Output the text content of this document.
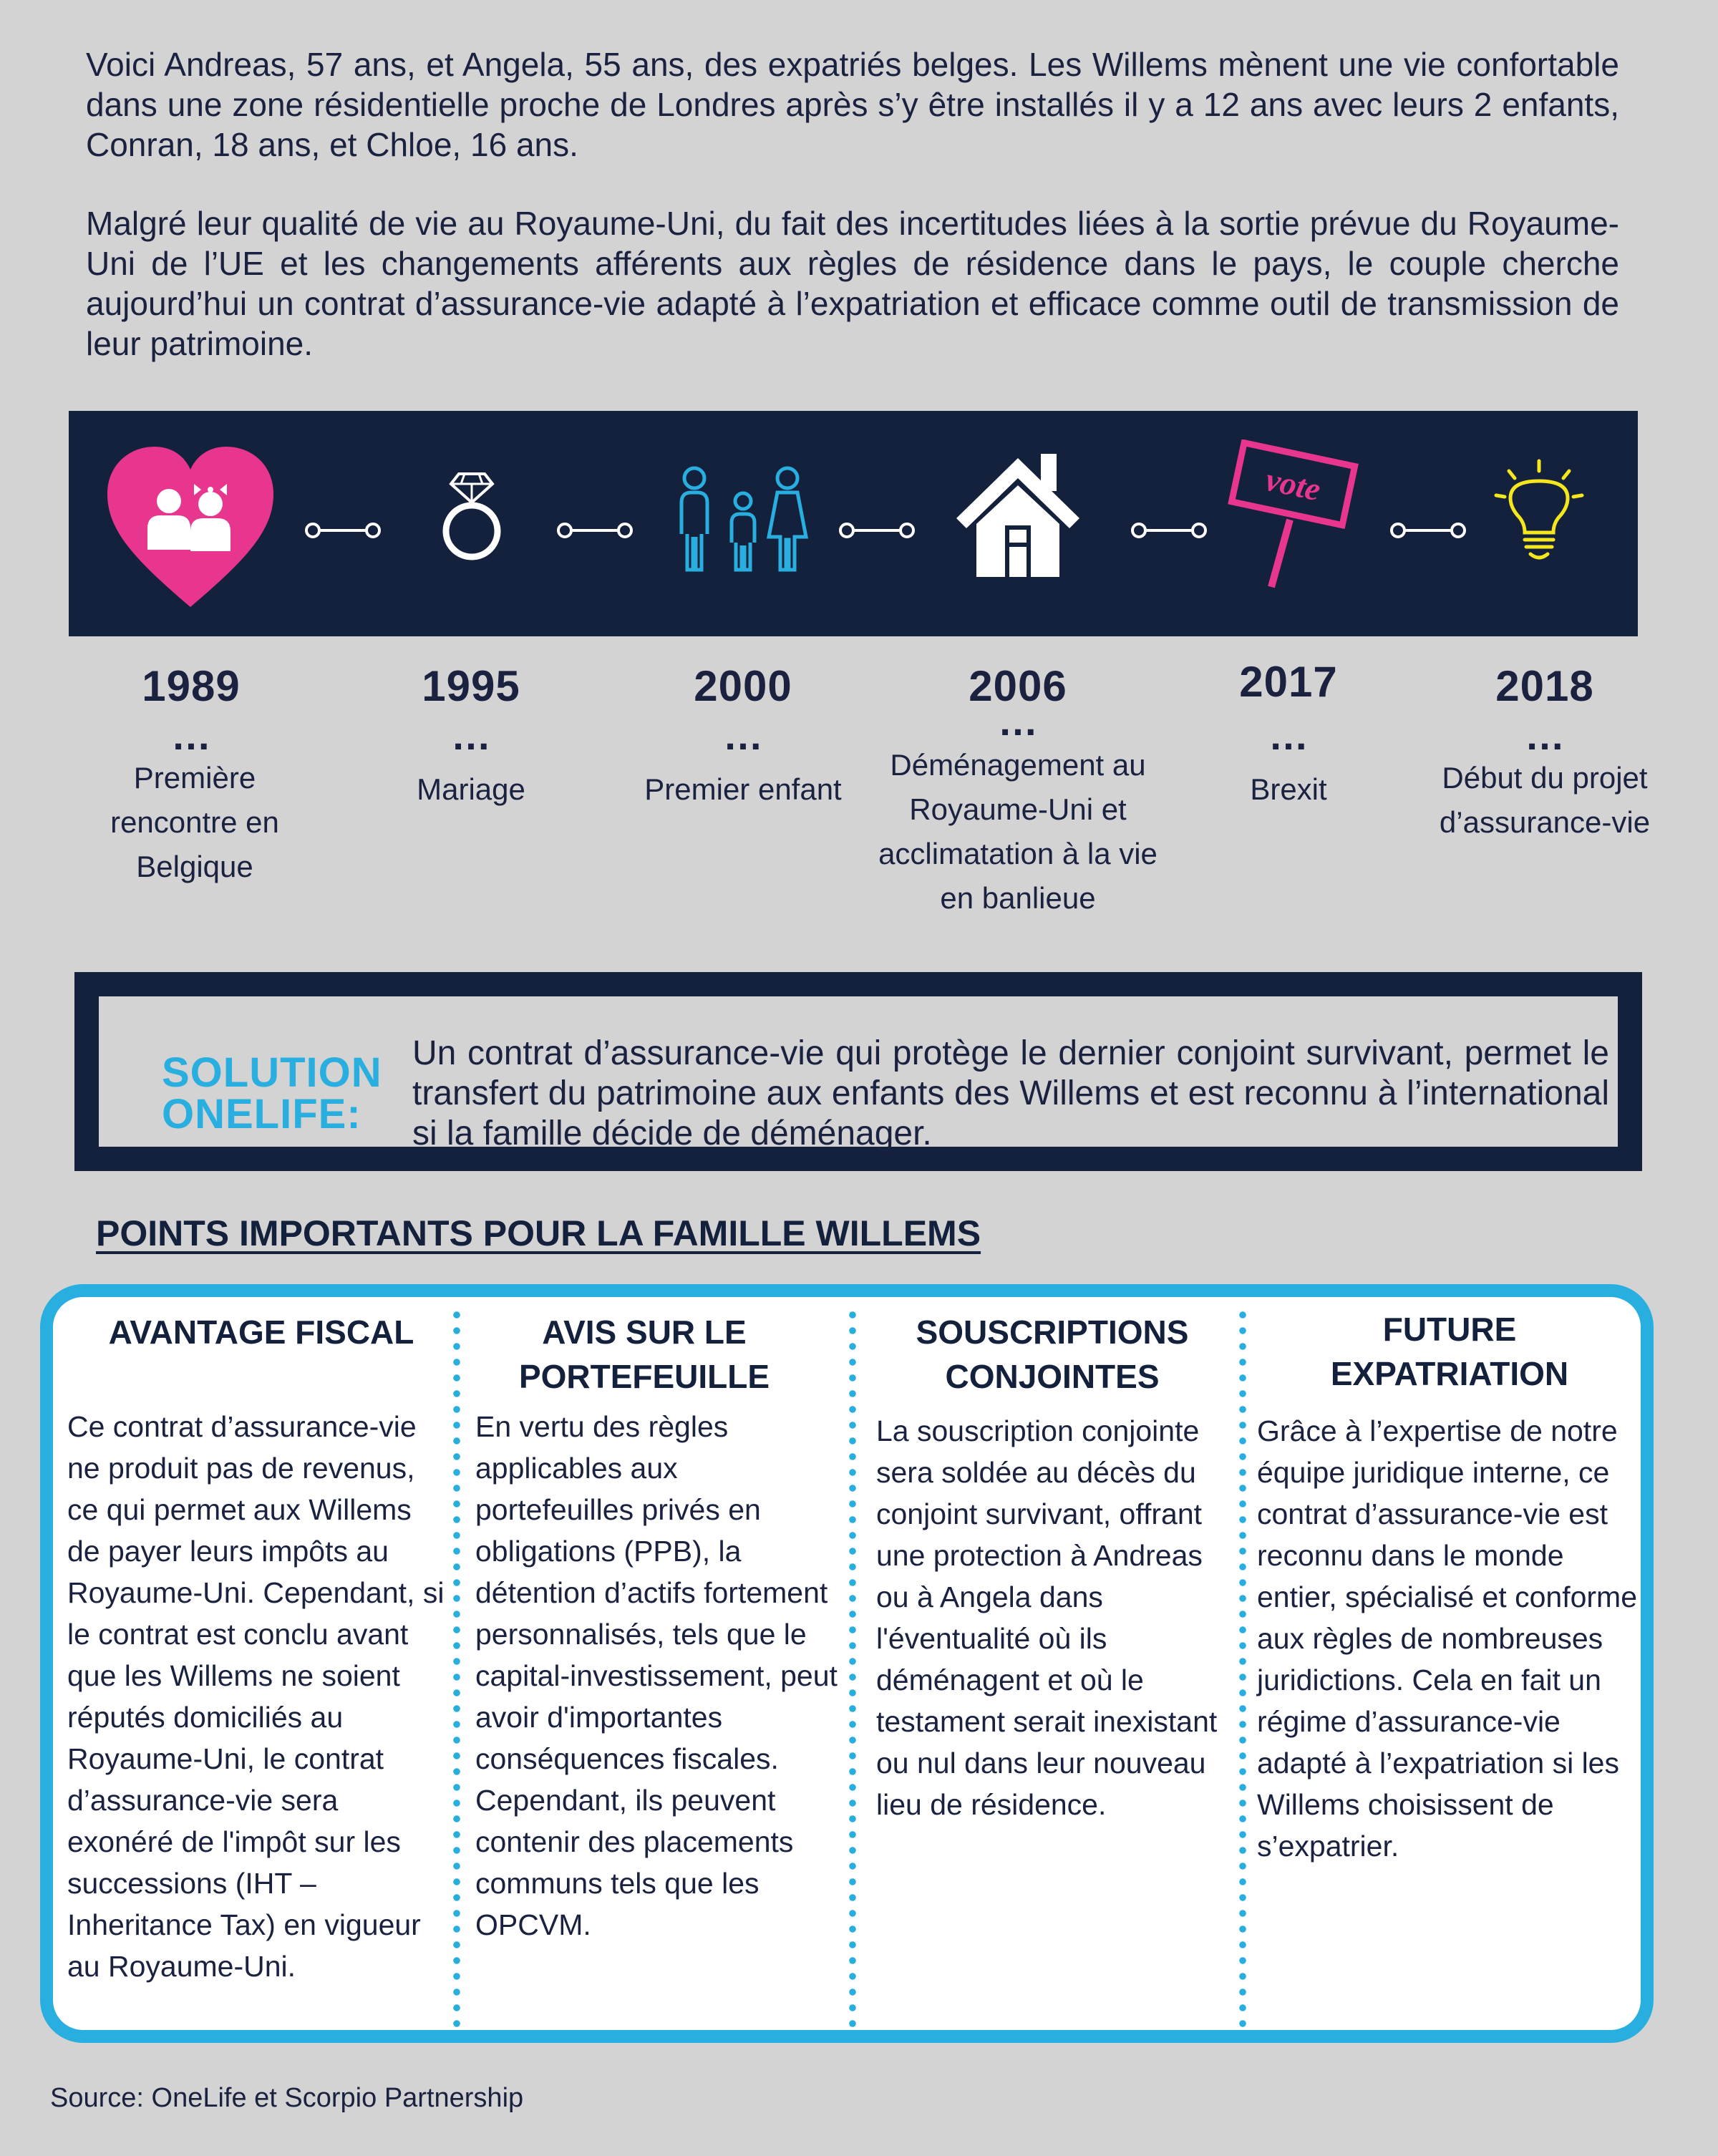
Voici Andreas, 57 ans, et Angela, 55 ans, des expatriés belges. Les Willems mènent une vie confortable dans une zone résidentielle proche de Londres après s’y être installés il y a 12 ans avec leurs 2 enfants, Conran, 18 ans, et Chloe, 16 ans.

Malgré leur qualité de vie au Royaume-Uni, du fait des incertitudes liées à la sortie prévue du Royaume-Uni de l’UE et les changements afférents aux règles de résidence dans le pays, le couple cherche aujourd’hui un contrat d’assurance-vie adapté à l’expatriation et efficace comme outil de transmission de leur patrimoine.

vote
1989
…
Première rencontre en Belgique
1995
…
Mariage
2000
…
Premier enfant
2006
…
Déménagement au Royaume-Uni et acclimatation à la vie en banlieue
2017
…
Brexit
2018
…
Début du projet d’assurance-vie
SOLUTION
ONELIFE:
Un contrat d’assurance-vie qui protège le dernier conjoint survivant, permet le transfert du patrimoine aux enfants des Willems et est reconnu à l’international si la famille décide de déménager.
POINTS IMPORTANTS POUR LA FAMILLE WILLEMS
AVANTAGE FISCAL
Ce contrat d’assurance-vie ne produit pas de revenus, ce qui permet aux Willems de payer leurs impôts au Royaume-Uni. Cependant, si le contrat est conclu avant que les Willems ne soient réputés domiciliés au Royaume-Uni, le contrat d’assurance-vie sera exonéré de l'impôt sur les successions (IHT – Inheritance Tax) en vigueur au Royaume-Uni.
AVIS SUR LE PORTEFEUILLE
En vertu des règles applicables aux portefeuilles privés en obligations (PPB), la détention d’actifs fortement personnalisés, tels que le capital-investissement, peut avoir d'importantes conséquences fiscales. Cependant, ils peuvent contenir des placements communs tels que les OPCVM.
SOUSCRIPTIONS CONJOINTES
La souscription conjointe sera soldée au décès du conjoint survivant, offrant une protection à Andreas ou à Angela dans l'éventualité où ils déménagent et où le testament serait inexistant ou nul dans leur nouveau lieu de résidence.
FUTURE EXPATRIATION
Grâce à l’expertise de notre équipe juridique interne, ce contrat d’assurance-vie est reconnu dans le monde entier, spécialisé et conforme aux règles de nombreuses juridictions. Cela en fait un régime d’assurance-vie adapté à l’expatriation si les Willems choisissent de s’expatrier.
Source: OneLife et Scorpio Partnership
